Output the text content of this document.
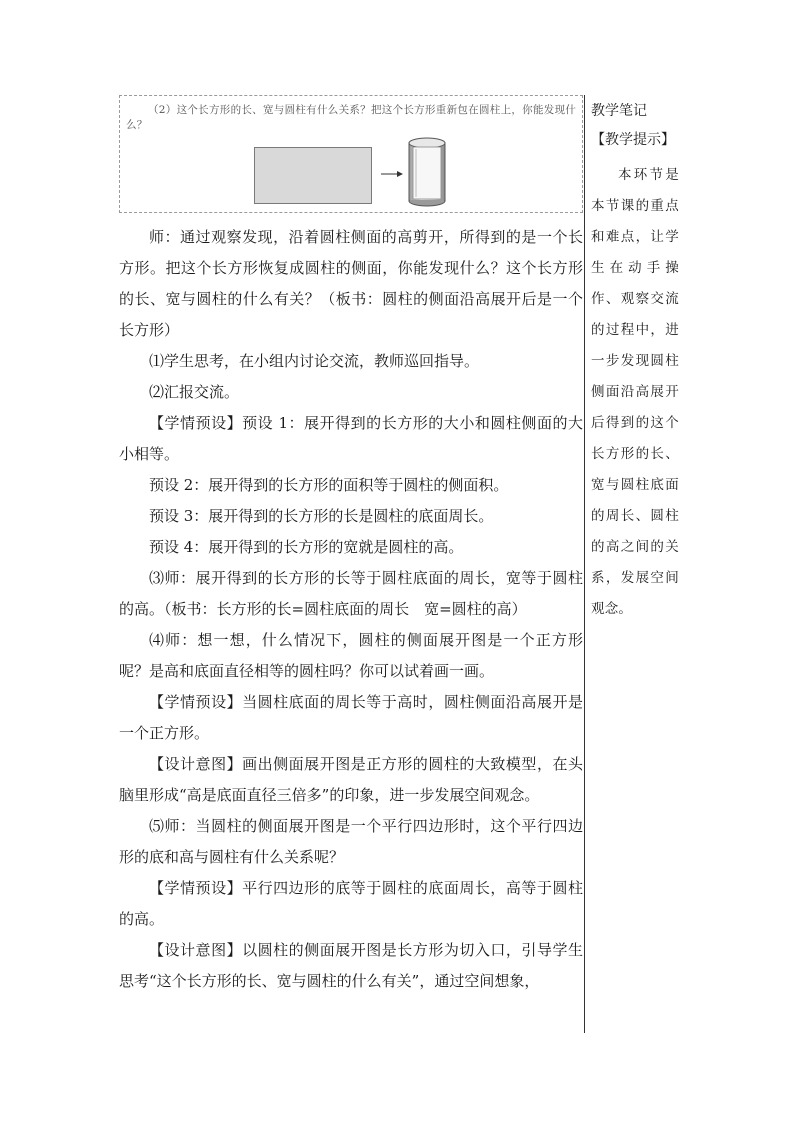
（2）这个长方形的长、宽与圆柱有什么关系？把这个长方形重新包在圆柱上，你能发现什么？

师：通过观察发现，沿着圆柱侧面的高剪开，所得到的是一个长方形。把这个长方形恢复成圆柱的侧面，你能发现什么？这个长方形的长、宽与圆柱的什么有关？（板书：圆柱的侧面沿高展开后是一个长方形）

⑴学生思考，在小组内讨论交流，教师巡回指导。

⑵汇报交流。

【学情预设】预设 1：展开得到的长方形的大小和圆柱侧面的大小相等。

预设 2：展开得到的长方形的面积等于圆柱的侧面积。

预设 3：展开得到的长方形的长是圆柱的底面周长。

预设 4：展开得到的长方形的宽就是圆柱的高。

⑶师：展开得到的长方形的长等于圆柱底面的周长，宽等于圆柱的高。（板书：长方形的长=圆柱底面的周长　宽=圆柱的高）

⑷师：想一想，什么情况下，圆柱的侧面展开图是一个正方形呢？是高和底面直径相等的圆柱吗？你可以试着画一画。

【学情预设】当圆柱底面的周长等于高时，圆柱侧面沿高展开是一个正方形。

【设计意图】画出侧面展开图是正方形的圆柱的大致模型，在头脑里形成“高是底面直径三倍多”的印象，进一步发展空间观念。

⑸师：当圆柱的侧面展开图是一个平行四边形时，这个平行四边形的底和高与圆柱有什么关系呢？

【学情预设】平行四边形的底等于圆柱的底面周长，高等于圆柱的高。

【设计意图】以圆柱的侧面展开图是长方形为切入口，引导学生思考“这个长方形的长、宽与圆柱的什么有关”，通过空间想象，

教学笔记
【教学提示】
本环节是本节课的重点和难点，让学生在动手操作、观察交流的过程中，进一步发现圆柱侧面沿高展开后得到的这个长方形的长、宽与圆柱底面的周长、圆柱的高之间的关系，发展空间观念。
